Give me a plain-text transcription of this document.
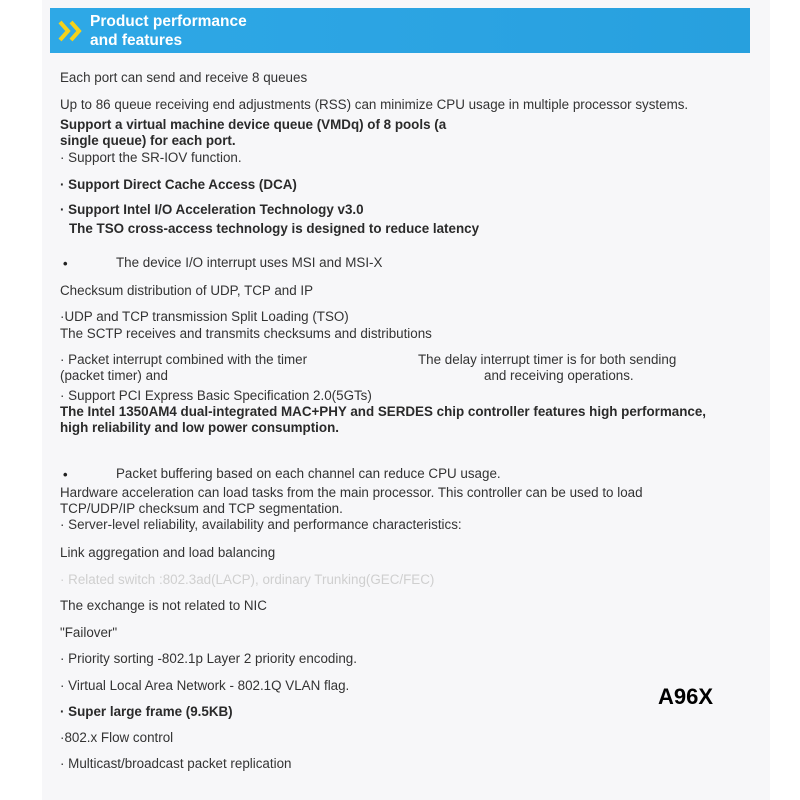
Product performance
and features
Each port can send and receive 8 queues
Up to 86 queue receiving end adjustments (RSS) can minimize CPU usage in multiple processor systems.
Support a virtual machine device queue (VMDq) of 8 pools (a
single queue) for each port.
· Support the SR-IOV function.
· Support Direct Cache Access (DCA)
· Support Intel I/O Acceleration Technology v3.0
The TSO cross-access technology is designed to reduce latency
•	The device I/O interrupt uses MSI and MSI-X
Checksum distribution of UDP, TCP and IP
·UDP and TCP transmission Split Loading (TSO)
The SCTP receives and transmits checksums and distributions
· Packet interrupt combined with the timer
(packet timer) and
The delay interrupt timer is for both sending
and receiving operations.
· Support PCI Express Basic Specification 2.0(5GTs)
The Intel 1350AM4 dual-integrated MAC+PHY and SERDES chip controller features high performance,
high reliability and low power consumption.
•	Packet buffering based on each channel can reduce CPU usage.
Hardware acceleration can load tasks from the main processor. This controller can be used to load
TCP/UDP/IP checksum and TCP segmentation.
· Server-level reliability, availability and performance characteristics:
Link aggregation and load balancing
· Related switch :802.3ad(LACP), ordinary Trunking(GEC/FEC)
The exchange is not related to NIC
"Failover"
· Priority sorting -802.1p Layer 2 priority encoding.
· Virtual Local Area Network - 802.1Q VLAN flag.
· Super large frame (9.5KB)
·802.x Flow control
· Multicast/broadcast packet replication
A96X
